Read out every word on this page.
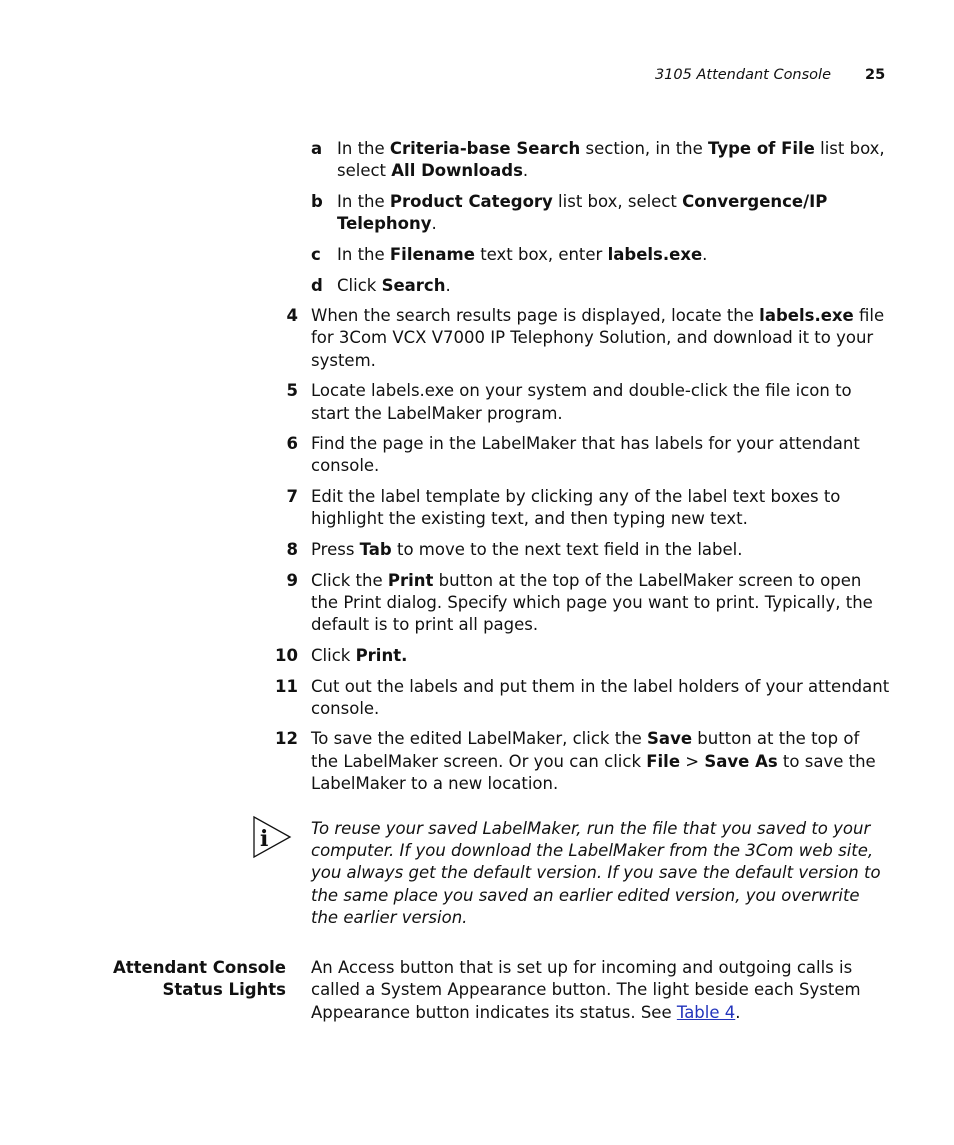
3105 Attendant Console 25
a In the Criteria-base Search section, in the Type of File list box, select All Downloads.
b In the Product Category list box, select Convergence/IP Telephony.
c In the Filename text box, enter labels.exe.
d Click Search.
4 When the search results page is displayed, locate the labels.exe file for 3Com VCX V7000 IP Telephony Solution, and download it to your system.
5 Locate labels.exe on your system and double-click the file icon to start the LabelMaker program.
6 Find the page in the LabelMaker that has labels for your attendant console.
7 Edit the label template by clicking any of the label text boxes to highlight the existing text, and then typing new text.
8 Press Tab to move to the next text field in the label.
9 Click the Print button at the top of the LabelMaker screen to open the Print dialog. Specify which page you want to print. Typically, the default is to print all pages.
10 Click Print.
11 Cut out the labels and put them in the label holders of your attendant console.
12 To save the edited LabelMaker, click the Save button at the top of the LabelMaker screen. Or you can click File > Save As to save the LabelMaker to a new location.
i	To reuse your saved LabelMaker, run the file that you saved to your computer. If you download the LabelMaker from the 3Com web site, you always get the default version. If you save the default version to the same place you saved an earlier edited version, you overwrite the earlier version.
Attendant Console
Status Lights
An Access button that is set up for incoming and outgoing calls is called a System Appearance button. The light beside each System Appearance button indicates its status. See Table 4.
